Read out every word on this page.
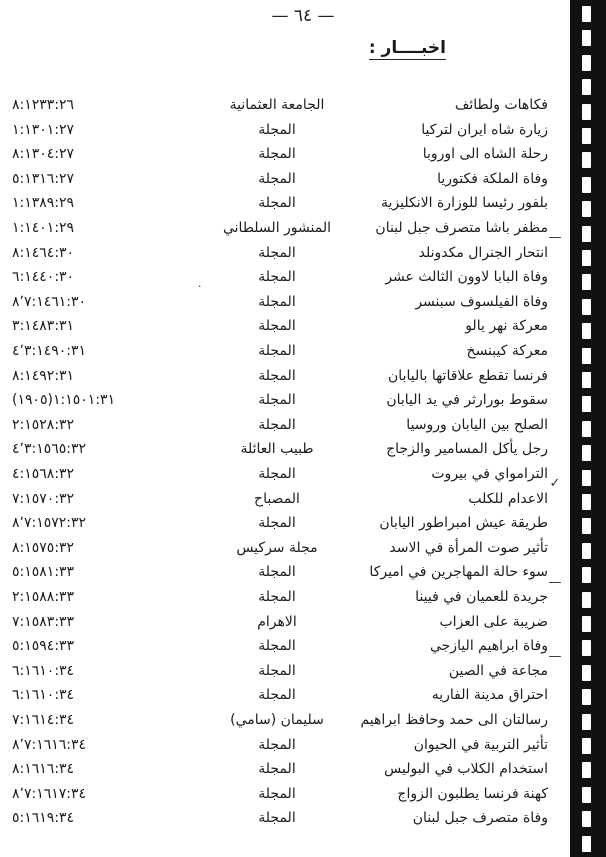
— ٦٤ —
اخبــــار :
فكاهات ولطائف
الجامعة العثمانية
٨:١٢٣٣:٢٦
زيارة شاه ايران لتركيا
المجلة
١:١٣٠١:٢٧
رحلة الشاه الى اوروبا
المجلة
٨:١٣٠٤:٢٧
وفاة الملكة فكتوريا
المجلة
٥:١٣١٦:٢٧
بلفور رئيسا للوزارة الانكليزية
المجلة
١:١٣٨٩:٢٩
مظفر باشا متصرف جبل لبنان
المنشور السلطاني
١:١٤٠١:٢٩
انتحار الجنرال مكدونلد
المجلة
٨:١٤٦٤:٣٠
وفاة البابا لاوون الثالث عشر
المجلة
٦:١٤٤٠:٣٠
وفاة الفيلسوف سبنسر
المجلة
٨٬٧:١٤٦١:٣٠
معركة نهر يالو
المجلة
٣:١٤٨٣:٣١
معركة كيبنسخ
المجلة
٤٬٣:١٤٩٠:٣١
فرنسا تقطع علاقاتها باليابان
المجلة
٨:١٤٩٢:٣١
سقوط بورارثر في يد اليابان
المجلة
١:١٥٠١:٣١(١٩٠٥)
الصلح بين اليابان وروسيا
المجلة
٢:١٥٢٨:٣٢
رجل يأكل المسامير والزجاج
طبيب العائلة
٤٬٣:١٥٦٥:٣٢
الترامواي في بيروت
المجلة
٤:١٥٦٨:٣٢
الاعدام للكلب
المصباح
٧:١٥٧٠:٣٢
طريقة عيش امبراطور اليابان
المجلة
٨٬٧:١٥٧٢:٣٢
تأثير صوت المرأة في الاسد
مجلة سركيس
٨:١٥٧٥:٣٢
سوء حالة المهاجرين في اميركا
المجلة
٥:١٥٨١:٣٣
جريدة للعميان في فيينا
المجلة
٢:١٥٨٨:٣٣
ضريبة على العزاب
الاهرام
٧:١٥٨٣:٣٣
وفاة ابراهيم اليازجي
المجلة
٥:١٥٩٤:٣٣
مجاعة في الصين
المجلة
٦:١٦١٠:٣٤
احتراق مدينة الفاريه
المجلة
٦:١٦١٠:٣٤
رسالتان الى حمد وحافظ ابراهيم
سليمان (سامي)
٧:١٦١٤:٣٤
تأثير التربية في الحيوان
المجلة
٨٬٧:١٦١٦:٣٤
استخدام الكلاب في البوليس
المجلة
٨:١٦١٦:٣٤
كهنة فرنسا يطلبون الزواج
المجلة
٨٬٧:١٦١٧:٣٤
وفاة متصرف جبل لبنان
المجلة
٥:١٦١٩:٣٤
—
✓
—
—
·
